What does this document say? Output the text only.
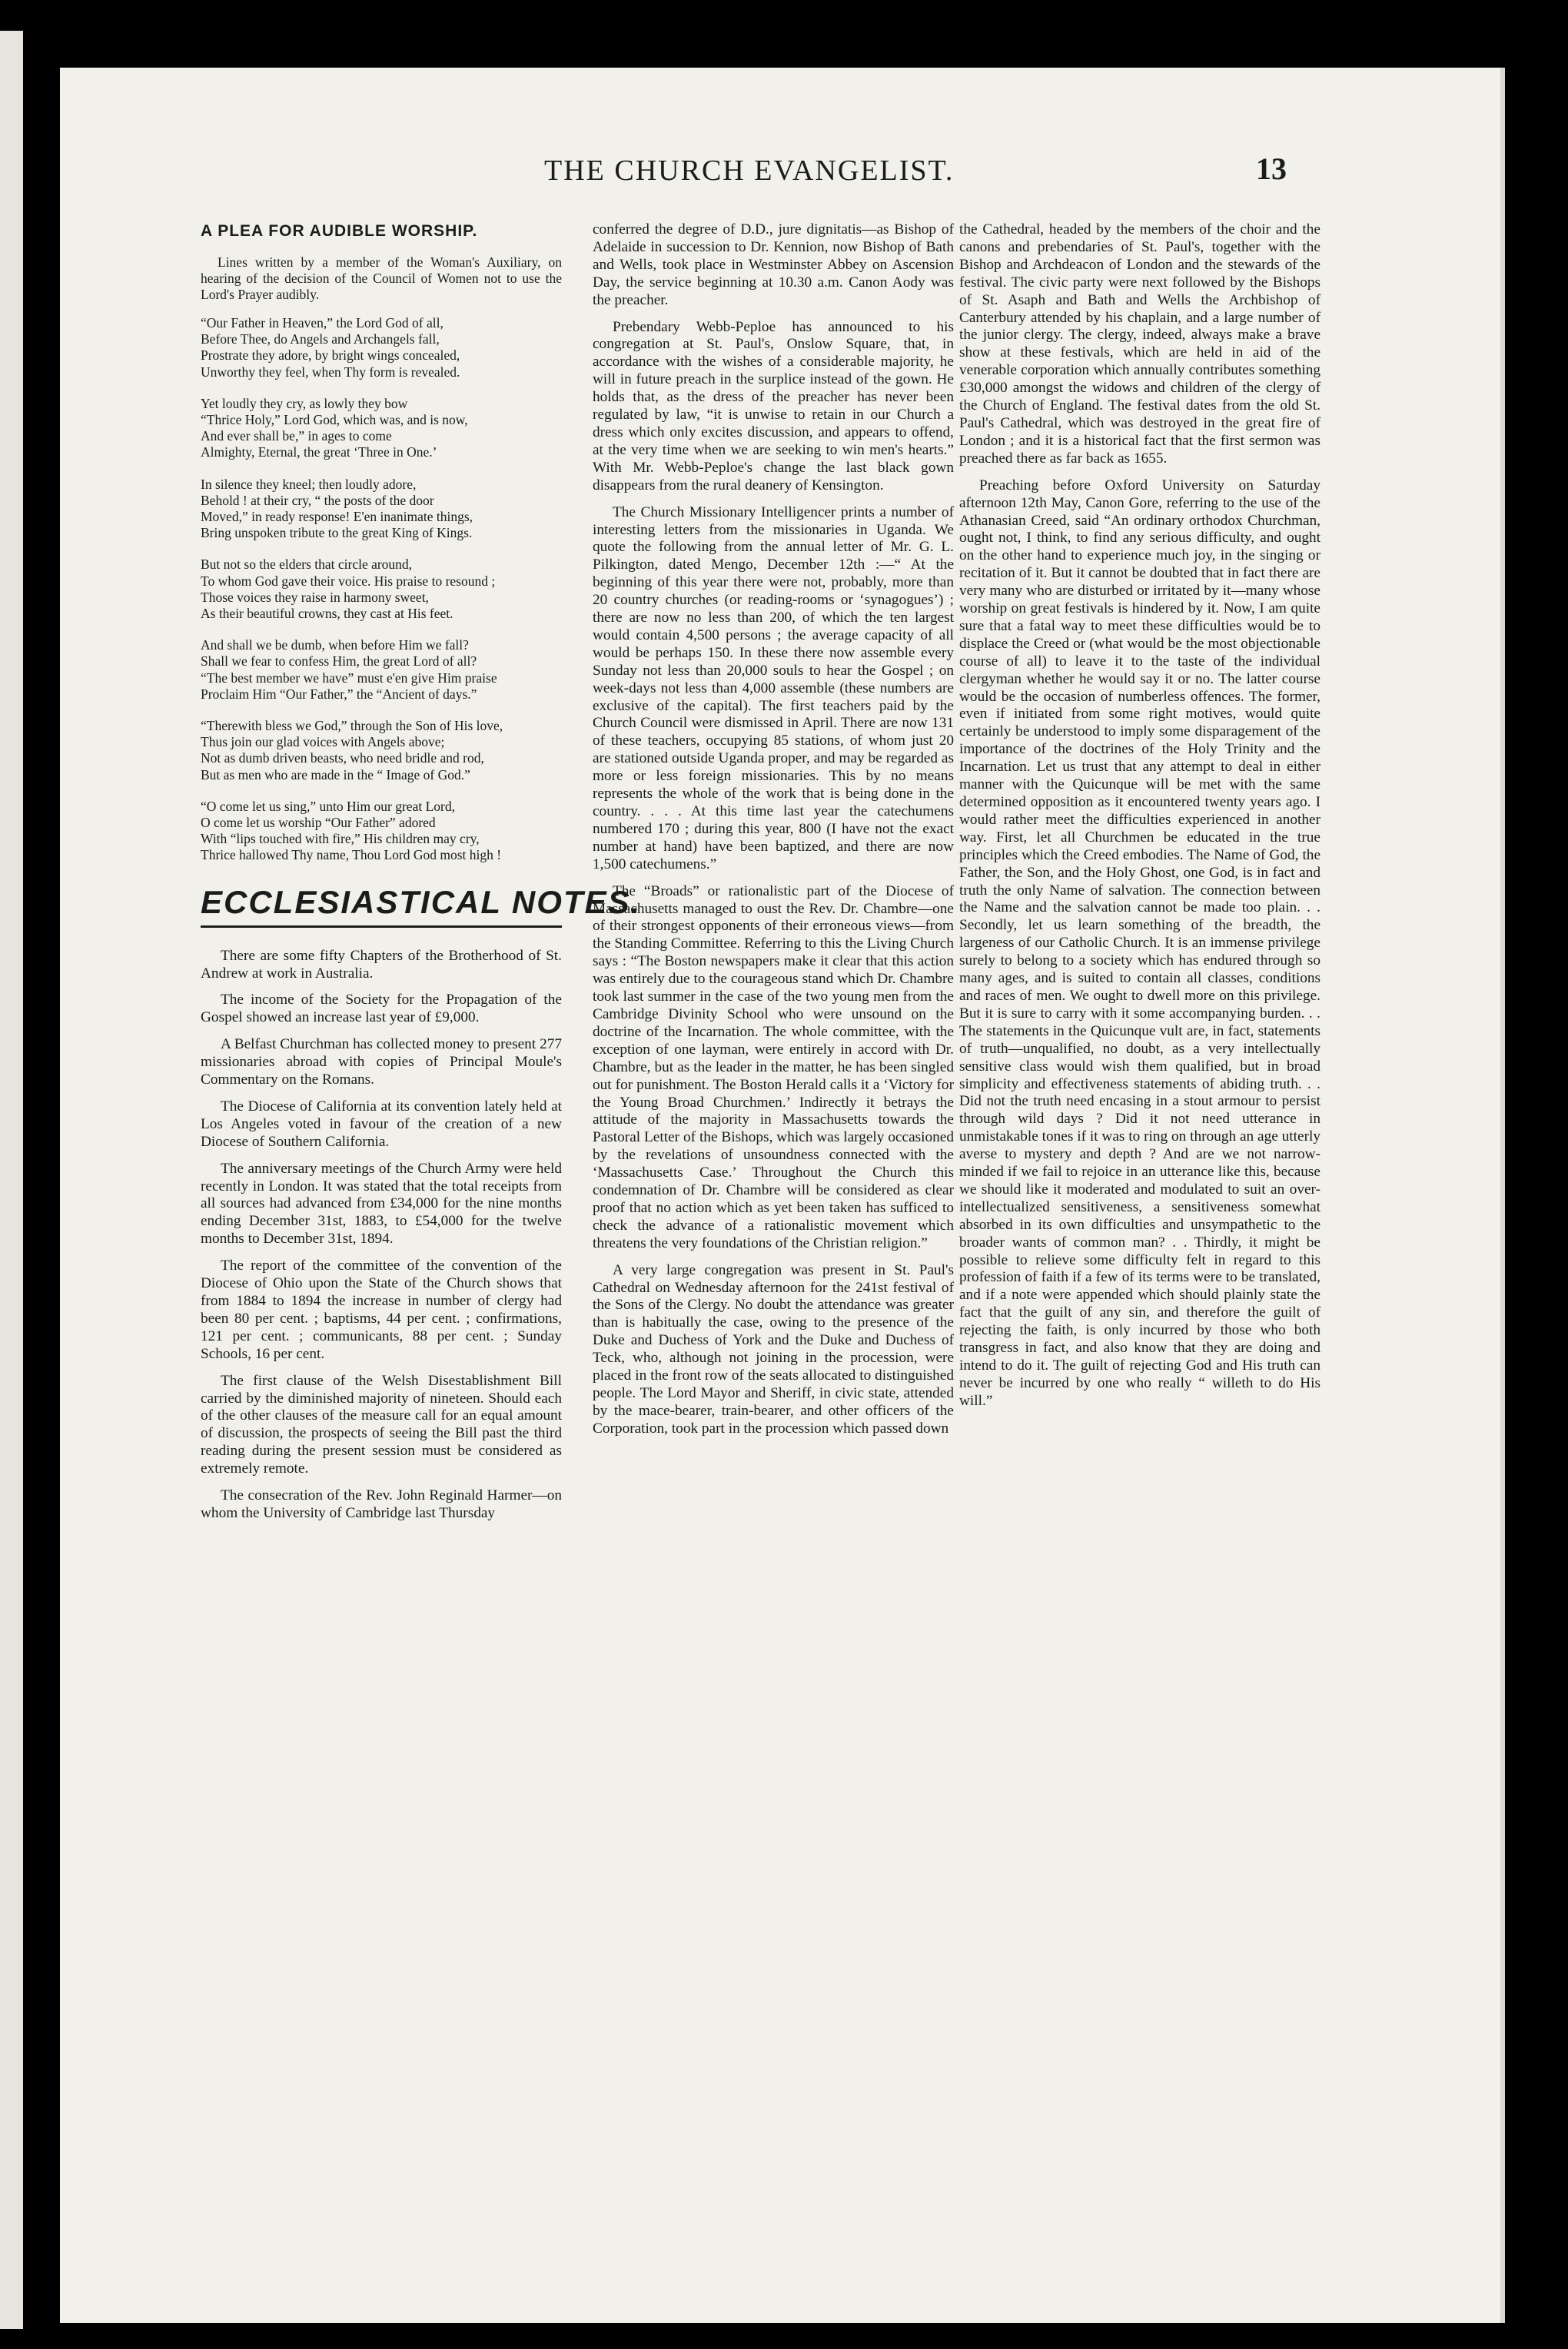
THE CHURCH EVANGELIST.	13
A PLEA FOR AUDIBLE WORSHIP.
Lines written by a member of the Woman's Auxiliary, on hearing of the decision of the Council of Women not to use the Lord's Prayer audibly.
“Our Father in Heaven,” the Lord God of all,
Before Thee, do Angels and Archangels fall,
Prostrate they adore, by bright wings concealed,
Unworthy they feel, when Thy form is revealed.
Yet loudly they cry, as lowly they bow
“Thrice Holy,” Lord God, which was, and is now,
And ever shall be,” in ages to come
Almighty, Eternal, the great ‘Three in One.’
In silence they kneel; then loudly adore,
Behold ! at their cry, “ the posts of the door
Moved,” in ready response! E'en inanimate things,
Bring unspoken tribute to the great King of Kings.
But not so the elders that circle around,
To whom God gave their voice. His praise to resound ;
Those voices they raise in harmony sweet,
As their beautiful crowns, they cast at His feet.
And shall we be dumb, when before Him we fall?
Shall we fear to confess Him, the great Lord of all?
“The best member we have” must e'en give Him praise
Proclaim Him “Our Father,” the “Ancient of days.”
“Therewith bless we God,” through the Son of His love,
Thus join our glad voices with Angels above;
Not as dumb driven beasts, who need bridle and rod,
But as men who are made in the “ Image of God.”
“O come let us sing,” unto Him our great Lord,
O come let us worship “Our Father” adored
With “lips touched with fire,” His children may cry,
Thrice hallowed Thy name, Thou Lord God most high !
ECCLESIASTICAL NOTES.

There are some fifty Chapters of the Brotherhood of St. Andrew at work in Australia.

The income of the Society for the Propagation of the Gospel showed an increase last year of £9,000.

A Belfast Churchman has collected money to present 277 missionaries abroad with copies of Principal Moule's Commentary on the Romans.

The Diocese of California at its convention lately held at Los Angeles voted in favour of the creation of a new Diocese of Southern California.

The anniversary meetings of the Church Army were held recently in London. It was stated that the total receipts from all sources had advanced from £34,000 for the nine months ending December 31st, 1883, to £54,000 for the twelve months to December 31st, 1894.

The report of the committee of the convention of the Diocese of Ohio upon the State of the Church shows that from 1884 to 1894 the increase in number of clergy had been 80 per cent. ; baptisms, 44 per cent. ; confirmations, 121 per cent. ; communicants, 88 per cent. ; Sunday Schools, 16 per cent.

The first clause of the Welsh Disestablishment Bill carried by the diminished majority of nineteen. Should each of the other clauses of the measure call for an equal amount of discussion, the prospects of seeing the Bill past the third reading during the present session must be considered as extremely remote.

The consecration of the Rev. John Reginald Harmer—on whom the University of Cambridge last Thursday

conferred the degree of D.D., jure dignitatis—as Bishop of Adelaide in succession to Dr. Kennion, now Bishop of Bath and Wells, took place in Westminster Abbey on Ascension Day, the service beginning at 10.30 a.m. Canon Aody was the preacher.

Prebendary Webb-Peploe has announced to his congregation at St. Paul's, Onslow Square, that, in accordance with the wishes of a considerable majority, he will in future preach in the surplice instead of the gown. He holds that, as the dress of the preacher has never been regulated by law, “it is unwise to retain in our Church a dress which only excites discussion, and appears to offend, at the very time when we are seeking to win men's hearts.” With Mr. Webb-Peploe's change the last black gown disappears from the rural deanery of Kensington.

The Church Missionary Intelligencer prints a number of interesting letters from the missionaries in Uganda. We quote the following from the annual letter of Mr. G. L. Pilkington, dated Mengo, December 12th :—“ At the beginning of this year there were not, probably, more than 20 country churches (or reading-rooms or ‘synagogues’) ; there are now no less than 200, of which the ten largest would contain 4,500 persons ; the average capacity of all would be perhaps 150. In these there now assemble every Sunday not less than 20,000 souls to hear the Gospel ; on week-days not less than 4,000 assemble (these numbers are exclusive of the capital). The first teachers paid by the Church Council were dismissed in April. There are now 131 of these teachers, occupying 85 stations, of whom just 20 are stationed outside Uganda proper, and may be regarded as more or less foreign missionaries. This by no means represents the whole of the work that is being done in the country. . . . At this time last year the catechumens numbered 170 ; during this year, 800 (I have not the exact number at hand) have been baptized, and there are now 1,500 catechumens.”

The “Broads” or rationalistic part of the Diocese of Massachusetts managed to oust the Rev. Dr. Chambre—one of their strongest opponents of their erroneous views—from the Standing Committee. Referring to this the Living Church says : “The Boston newspapers make it clear that this action was entirely due to the courageous stand which Dr. Chambre took last summer in the case of the two young men from the Cambridge Divinity School who were unsound on the doctrine of the Incarnation. The whole committee, with the exception of one layman, were entirely in accord with Dr. Chambre, but as the leader in the matter, he has been singled out for punishment. The Boston Herald calls it a ‘Victory for the Young Broad Churchmen.’ Indirectly it betrays the attitude of the majority in Massachusetts towards the Pastoral Letter of the Bishops, which was largely occasioned by the revelations of unsoundness connected with the ‘Massachusetts Case.’ Throughout the Church this condemnation of Dr. Chambre will be considered as clear proof that no action which as yet been taken has sufficed to check the advance of a rationalistic movement which threatens the very foundations of the Christian religion.”

A very large congregation was present in St. Paul's Cathedral on Wednesday afternoon for the 241st festival of the Sons of the Clergy. No doubt the attendance was greater than is habitually the case, owing to the presence of the Duke and Duchess of York and the Duke and Duchess of Teck, who, although not joining in the procession, were placed in the front row of the seats allocated to distinguished people. The Lord Mayor and Sheriff, in civic state, attended by the mace-bearer, train-bearer, and other officers of the Corporation, took part in the procession which passed down

the Cathedral, headed by the members of the choir and the canons and prebendaries of St. Paul's, together with the Bishop and Archdeacon of London and the stewards of the festival. The civic party were next followed by the Bishops of St. Asaph and Bath and Wells the Archbishop of Canterbury attended by his chaplain, and a large number of the junior clergy. The clergy, indeed, always make a brave show at these festivals, which are held in aid of the venerable corporation which annually contributes something £30,000 amongst the widows and children of the clergy of the Church of England. The festival dates from the old St. Paul's Cathedral, which was destroyed in the great fire of London ; and it is a historical fact that the first sermon was preached there as far back as 1655.

Preaching before Oxford University on Saturday afternoon 12th May, Canon Gore, referring to the use of the Athanasian Creed, said “An ordinary orthodox Churchman, ought not, I think, to find any serious difficulty, and ought on the other hand to experience much joy, in the singing or recitation of it. But it cannot be doubted that in fact there are very many who are disturbed or irritated by it—many whose worship on great festivals is hindered by it. Now, I am quite sure that a fatal way to meet these difficulties would be to displace the Creed or (what would be the most objectionable course of all) to leave it to the taste of the individual clergyman whether he would say it or no. The latter course would be the occasion of numberless offences. The former, even if initiated from some right motives, would quite certainly be understood to imply some disparagement of the importance of the doctrines of the Holy Trinity and the Incarnation. Let us trust that any attempt to deal in either manner with the Quicunque will be met with the same determined opposition as it encountered twenty years ago. I would rather meet the difficulties experienced in another way. First, let all Churchmen be educated in the true principles which the Creed embodies. The Name of God, the Father, the Son, and the Holy Ghost, one God, is in fact and truth the only Name of salvation. The connection between the Name and the salvation cannot be made too plain. . . Secondly, let us learn something of the breadth, the largeness of our Catholic Church. It is an immense privilege surely to belong to a society which has endured through so many ages, and is suited to contain all classes, conditions and races of men. We ought to dwell more on this privilege. But it is sure to carry with it some accompanying burden. . . The statements in the Quicunque vult are, in fact, statements of truth—unqualified, no doubt, as a very intellectually sensitive class would wish them qualified, but in broad simplicity and effectiveness statements of abiding truth. . . Did not the truth need encasing in a stout armour to persist through wild days ? Did it not need utterance in unmistakable tones if it was to ring on through an age utterly averse to mystery and depth ? And are we not narrow-minded if we fail to rejoice in an utterance like this, because we should like it moderated and modulated to suit an over-intellectualized sensitiveness, a sensitiveness somewhat absorbed in its own difficulties and unsympathetic to the broader wants of common man? . . Thirdly, it might be possible to relieve some difficulty felt in regard to this profession of faith if a few of its terms were to be translated, and if a note were appended which should plainly state the fact that the guilt of any sin, and therefore the guilt of rejecting the faith, is only incurred by those who both transgress in fact, and also know that they are doing and intend to do it. The guilt of rejecting God and His truth can never be incurred by one who really “ willeth to do His will.”
